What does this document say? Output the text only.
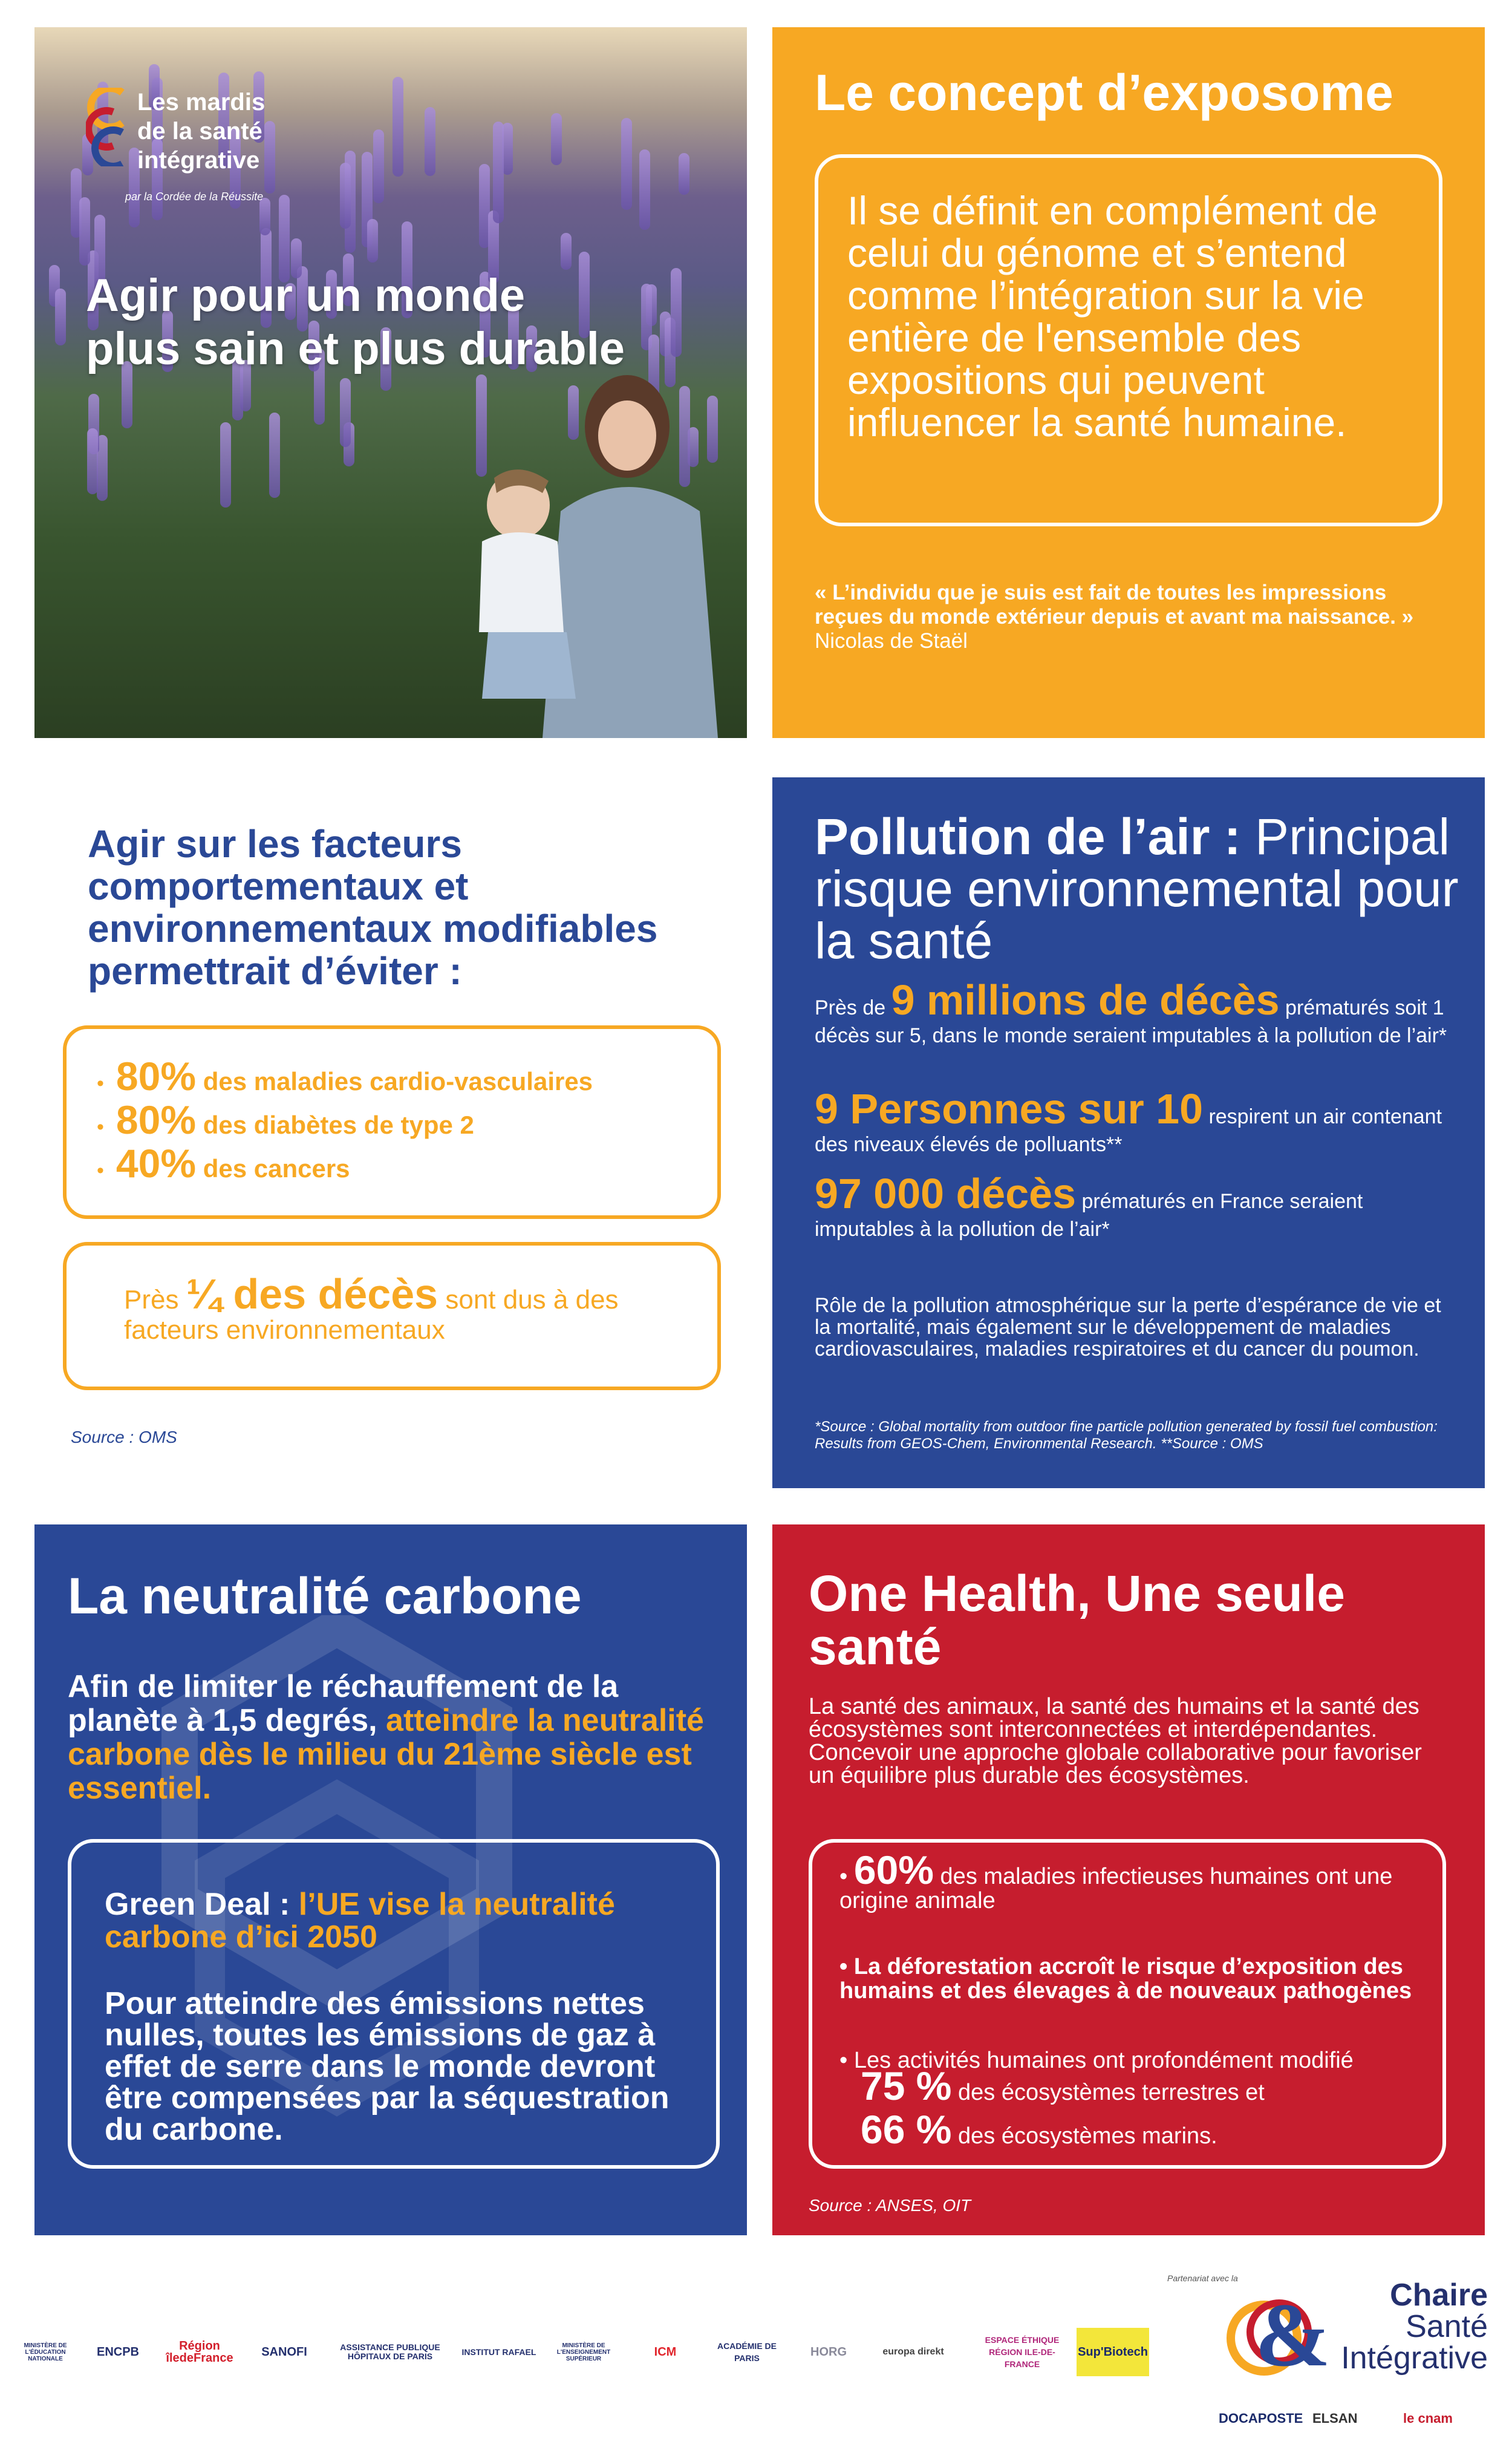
Les mardis
de la santé
intégrative
par la Cordée de la Réussite
Agir pour un monde plus sain et plus durable
Le concept d’exposome
Il se définit en complément de celui du génome et s’entend comme l’intégration sur la vie entière de l'ensemble des expositions qui peuvent influencer la santé humaine.
« L’individu que je suis est fait de toutes les impressions reçues du monde extérieur depuis et avant ma naissance. » Nicolas de Staël
Agir sur les facteurs comportementaux et environnementaux modifiables permettrait d’éviter :
• 80% des maladies cardio-vasculaires
• 80% des diabètes de type 2
• 40% des cancers
Près ¼ des décès sont dus à des facteurs environnementaux
Source : OMS
Pollution de l’air : Principal risque environnemental pour la santé
Près de 9 millions de décès prématurés soit 1 décès sur 5, dans le monde seraient imputables à la pollution de l’air*
9 Personnes sur 10 respirent un air contenant des niveaux élevés de polluants**
97 000 décès prématurés en France seraient imputables à la pollution de l’air*
Rôle de la pollution atmosphérique sur la perte d’espérance de vie et la mortalité, mais également sur le développement de maladies cardiovasculaires, maladies respiratoires et du cancer du poumon.
*Source : Global mortality from outdoor fine particle pollution generated by fossil fuel combustion: Results from GEOS-Chem, Environmental Research. **Source : OMS
La neutralité carbone
Afin de limiter le réchauffement de la planète à 1,5 degrés, atteindre la neutralité carbone dès le milieu du 21ème siècle est essentiel.
Green Deal : l’UE vise la neutralité carbone d’ici 2050
Pour atteindre des émissions nettes nulles, toutes les émissions de gaz à effet de serre dans le monde devront être compensées par la séquestration du carbone.
One Health, Une seule santé
La santé des animaux, la santé des humains et la santé des écosystèmes sont interconnectées et interdépendantes. Concevoir une approche globale collaborative pour favoriser un équilibre plus durable des écosystèmes.
• 60% des maladies infectieuses humaines ont une origine animale
• La déforestation accroît le risque d’exposition des humains et des élevages à de nouveaux pathogènes
• Les activités humaines ont profondément modifié
75 % des écosystèmes terrestres et
66 % des écosystèmes marins.
Source : ANSES, OIT
MINISTÈRE DE L'ÉDUCATION NATIONALE	ENCPB	Région îledeFrance	SANOFI	ASSISTANCE PUBLIQUE HÔPITAUX DE PARIS	INSTITUT RAFAEL
MINISTÈRE DE L'ENSEIGNEMENT SUPÉRIEUR	ICM	ACADÉMIE DE PARIS	HORG	europa direkt
ESPACE ÉTHIQUE RÉGION ILE-DE-FRANCE
Sup'Biotech
Partenariat avec la
&	Chaire
Santé
Intégrative
DOCAPOSTE ELSAN	le cnam
